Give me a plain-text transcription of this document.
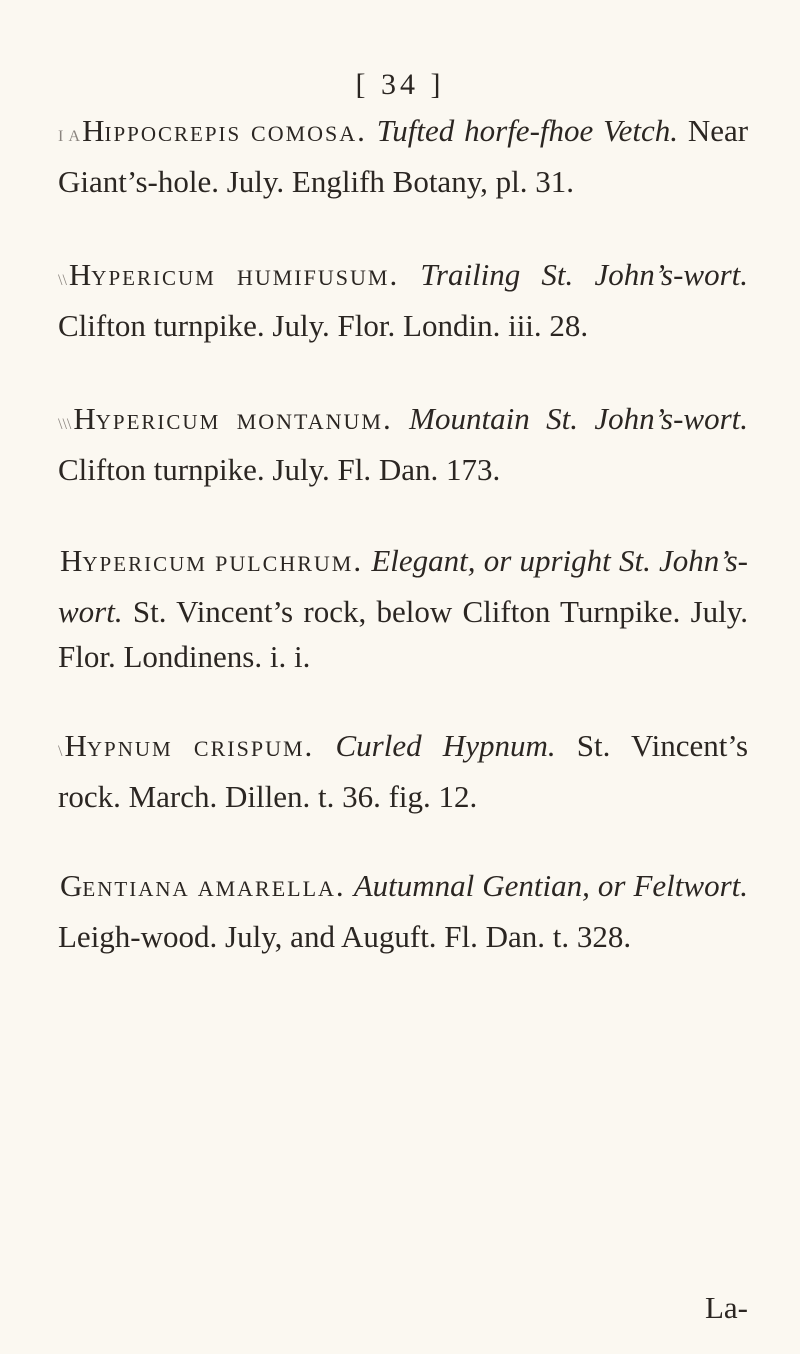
[ 34 ]

I AHippocrepis comosa. Tufted horfe-fhoe Vetch. Near Giant’s-hole. July. Englifh Botany, pl. 31.

\\Hypericum humifusum. Trailing St. John’s-wort. Clifton turnpike. July. Flor. Londin. iii. 28.

\\\Hypericum montanum. Mountain St. John’s-wort. Clifton turnpike. July. Fl. Dan. 173.

Hypericum pulchrum. Elegant, or upright St. John’s-wort. St. Vincent’s rock, below Clifton Turnpike. July. Flor. Londinens. i. i.

\Hypnum crispum. Curled Hypnum. St. Vincent’s rock. March. Dillen. t. 36. fig. 12.

Gentiana amarella. Autumnal Gentian, or Feltwort. Leigh-wood. July, and Auguft. Fl. Dan. t. 328.

La-
